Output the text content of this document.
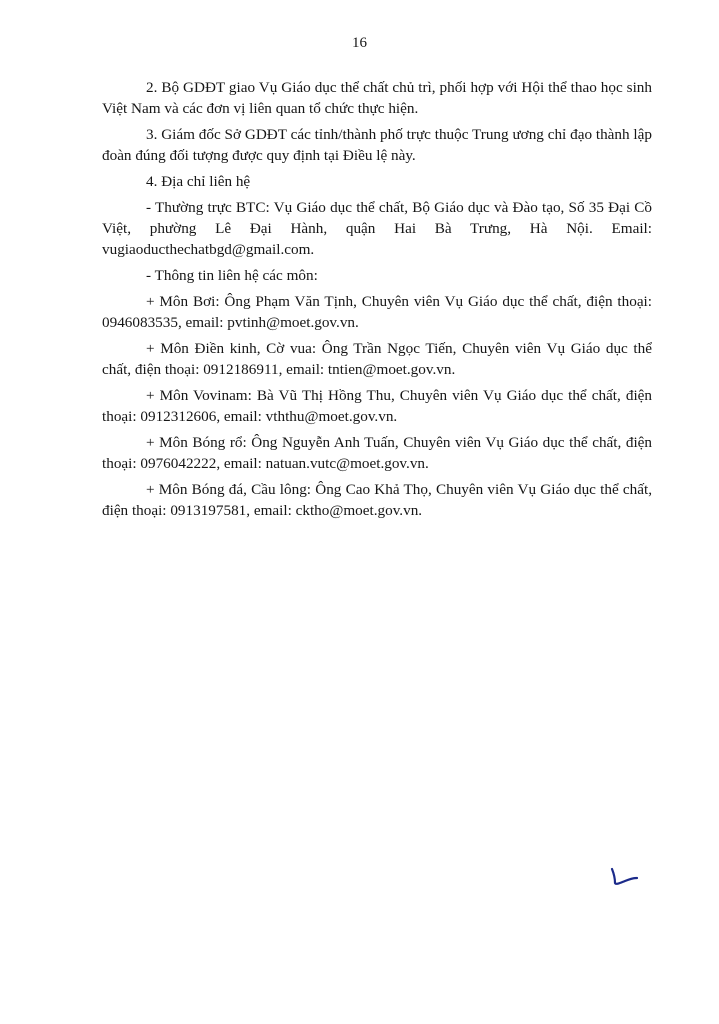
16

2. Bộ GDĐT giao Vụ Giáo dục thể chất chủ trì, phối hợp với Hội thể thao học sinh Việt Nam và các đơn vị liên quan tổ chức thực hiện.

3. Giám đốc Sở GDĐT các tỉnh/thành phố trực thuộc Trung ương chỉ đạo thành lập đoàn đúng đối tượng được quy định tại Điều lệ này.

4. Địa chỉ liên hệ

- Thường trực BTC: Vụ Giáo dục thể chất, Bộ Giáo dục và Đào tạo, Số 35 Đại Cồ Việt, phường Lê Đại Hành, quận Hai Bà Trưng, Hà Nội. Email: vugiaoducthechatbgd@gmail.com.

- Thông tin liên hệ các môn:

+ Môn Bơi: Ông Phạm Văn Tịnh, Chuyên viên Vụ Giáo dục thể chất, điện thoại: 0946083535, email: pvtinh@moet.gov.vn.

+ Môn Điền kinh, Cờ vua: Ông Trần Ngọc Tiến, Chuyên viên Vụ Giáo dục thể chất, điện thoại: 0912186911, email: tntien@moet.gov.vn.

+ Môn Vovinam: Bà Vũ Thị Hồng Thu, Chuyên viên Vụ Giáo dục thể chất, điện thoại: 0912312606, email: vththu@moet.gov.vn.

+ Môn Bóng rổ: Ông Nguyễn Anh Tuấn, Chuyên viên Vụ Giáo dục thể chất, điện thoại: 0976042222, email: natuan.vutc@moet.gov.vn.

+ Môn Bóng đá, Cầu lông: Ông Cao Khả Thọ, Chuyên viên Vụ Giáo dục thể chất, điện thoại: 0913197581, email: cktho@moet.gov.vn.
